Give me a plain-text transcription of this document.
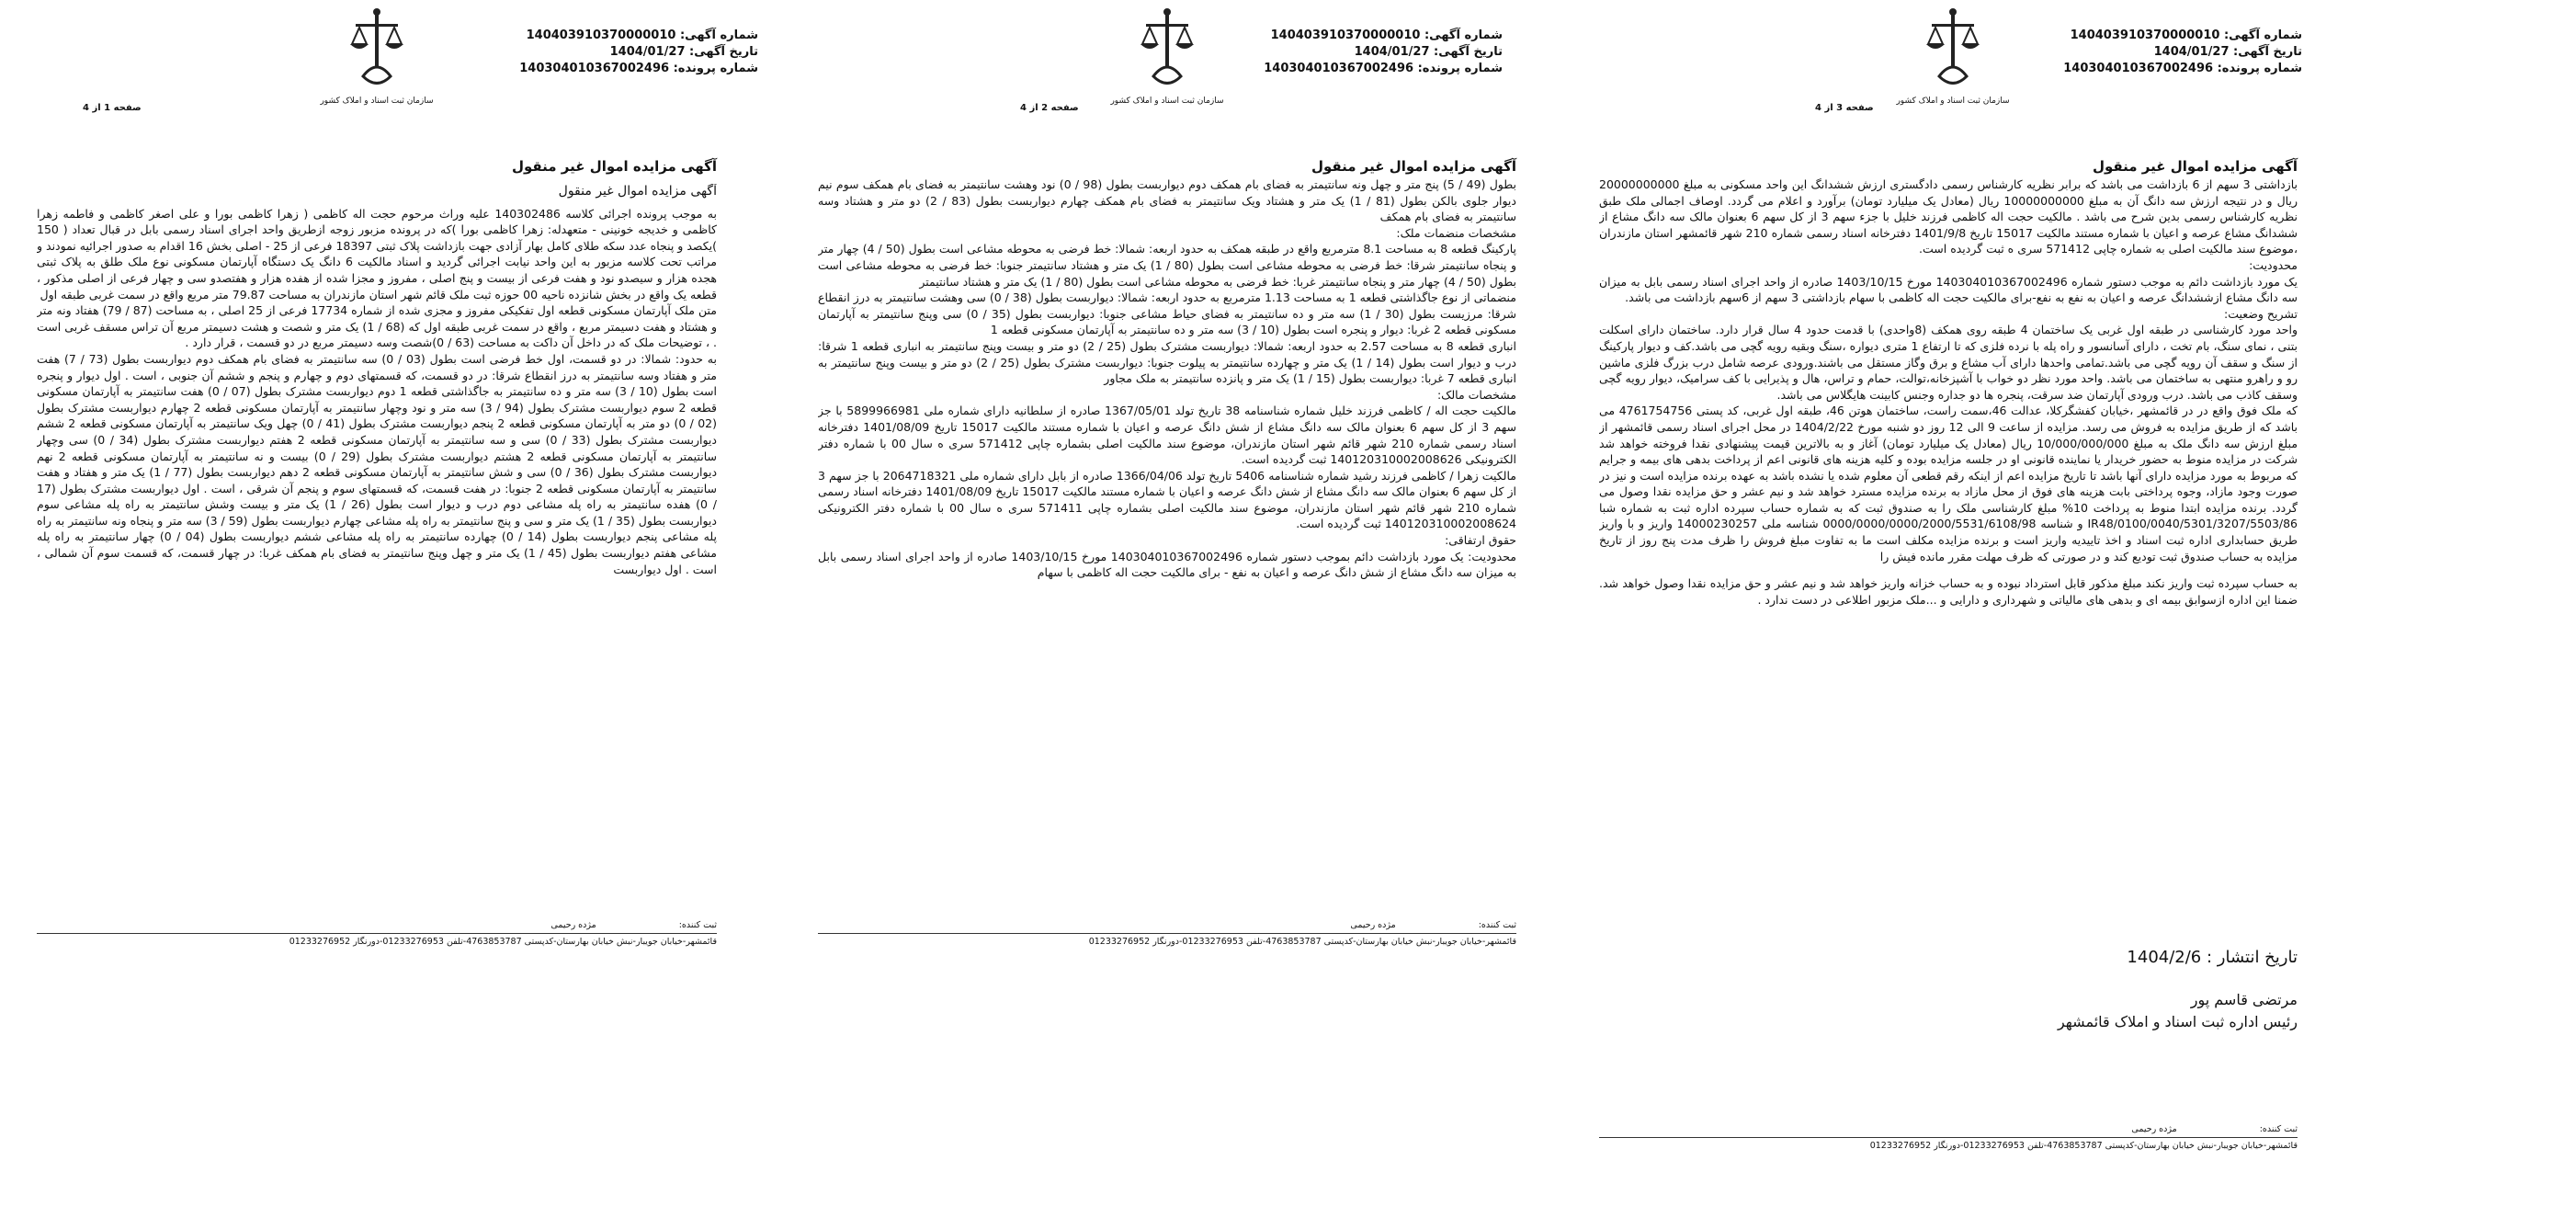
شماره آگهی: 140403910370000010
تاریخ آگهی: 1404/01/27
شماره پرونده: 140304010367002496
سازمان ثبت اسناد و املاک کشور
صفحه 3 از 4
آگهی مزایده اموال غیر منقول

بازداشتی 3 سهم از 6 بازداشت می باشد که برابر نظریه کارشناس رسمی دادگستری ارزش ششدانگ این واحد مسکونی به مبلغ 20000000000 ریال و در نتیجه ارزش سه دانگ آن به مبلغ 10000000000 ریال (معادل یک میلیارد تومان) برآورد و اعلام می گردد. اوصاف اجمالی ملک طبق نظریه کارشناس رسمی بدین شرح می باشد . مالکیت حجت اله کاظمی فرزند خلیل با جزء سهم 3 از کل سهم 6 بعنوان مالک سه دانگ مشاع از ششدانگ مشاع عرصه و اعیان با شماره مستند مالکیت 15017 تاریخ 1401/9/8 دفترخانه اسناد رسمی شماره 210 شهر قائمشهر استان مازندران ،موضوع سند مالکیت اصلی به شماره چاپی 571412 سری ه ثبت گردیده است.

محدودیت:

یک مورد بازداشت دائم به موجب دستور شماره 140304010367002496 مورخ 1403/10/15 صادره از واحد اجرای اسناد رسمی بابل به میزان سه دانگ مشاع ازششدانگ عرصه و اعیان به نفع به نفع-برای مالکیت حجت اله کاظمی با سهام بازداشتی 3 سهم از 6سهم بازداشت می باشد.

تشریح وضعیت:

واحد مورد کارشناسی در طبقه اول غربی یک ساختمان 4 طبقه روی همکف (8واحدی) با قدمت حدود 4 سال قرار دارد. ساختمان دارای اسکلت بتنی ، نمای سنگ، بام تخت ، دارای آسانسور و راه پله با نرده فلزی که تا ارتفاع 1 متری دیواره ،سنگ وبقیه رویه گچی می باشد.کف و دیوار پارکینگ از سنگ و سقف آن رویه گچی می باشد.تمامی واحدها دارای آب مشاع و برق وگاز مستقل می باشند.ورودی عرصه شامل درب بزرگ فلزی ماشین رو و راهرو منتهی به ساختمان می باشد. واحد مورد نظر دو خواب با آشپزخانه،توالت، حمام و تراس، هال و پذیرایی با کف سرامیک، دیوار رویه گچی وسقف کاذب می باشد. درب ورودی آپارتمان ضد سرقت، پنجره ها دو جداره وجنس کابینت هایگلاس می باشد.

که ملک فوق واقع در در قائمشهر ،خیابان کفشگرکلا، عدالت 46،سمت راست، ساختمان هوتن 46، طبقه اول غربی، کد پستی 4761754756 می باشد که از طریق مزایده به فروش می رسد. مزایده از ساعت 9 الی 12 روز دو شنبه مورخ 1404/2/22 در محل اجرای اسناد رسمی قائمشهر از مبلغ ارزش سه دانگ ملک به مبلغ 10/000/000/000 ریال (معادل یک میلیارد تومان) آغاز و به بالاترین قیمت پیشنهادی نقدا فروخته خواهد شد شرکت در مزایده منوط به حضور خریدار یا نماینده قانونی او در جلسه مزایده بوده و کلیه هزینه های قانونی اعم از پرداخت بدهی های بیمه و جرایم که مربوط به مورد مزایده دارای آنها باشد تا تاریخ مزایده اعم از اینکه رقم قطعی آن معلوم شده یا نشده باشد به عهده برنده مزایده است و نیز در صورت وجود مازاد، وجوه پرداختی بابت هزینه های فوق از محل مازاد به برنده مزایده مسترد خواهد شد و نیم عشر و حق مزایده نقدا وصول می گردد. برنده مزایده ابتدا منوط به پرداخت 10% مبلغ کارشناسی ملک را به صندوق ثبت که به شماره حساب سپرده اداره ثبت به شماره شبا IR48/0100/0040/5301/3207/5503/86 و شناسه 0000/0000/0000/2000/5531/6108/98 شناسه ملی 14000230257 واریز و با واریز طریق حسابداری اداره ثبت اسناد و اخذ تاییدیه واریز است و برنده مزایده مکلف است ما به تفاوت مبلغ فروش را ظرف مدت پنج روز از تاریخ مزایده به حساب صندوق ثبت تودیع کند و در صورتی که ظرف مهلت مقرر مانده فیش را

به حساب سپرده ثبت واریز نکند مبلغ مذکور قابل استرداد نبوده و به حساب خزانه واریز خواهد شد و نیم عشر و حق مزایده نقدا وصول خواهد شد. ضمنا این اداره ازسوابق بیمه ای و بدهی های مالیاتی و شهرداری و دارایی و ...ملک مزبور اطلاعی در دست ندارد .

تاریخ انتشار : 1404/2/6
مرتضی قاسم پور
رئیس اداره ثبت اسناد و املاک قائمشهر
ثبت کننده:
مژده رحیمی
قائمشهر-خیابان جویبار-نبش خیابان بهارستان-کدپستی 4763853787-تلفن 01233276953-دورنگار 01233276952
شماره آگهی: 140403910370000010
تاریخ آگهی: 1404/01/27
شماره پرونده: 140304010367002496
سازمان ثبت اسناد و املاک کشور
صفحه 2 از 4
آگهی مزایده اموال غیر منقول

بطول (49 / 5) پنج متر و چهل ونه سانتیمتر به فضای بام همکف دوم دیواربست بطول (98 / 0) نود وهشت سانتیمتر به فضای بام همکف سوم نیم دیوار جلوی بالکن بطول (81 / 1) یک متر و هشتاد ویک سانتیمتر به فضای بام همکف چهارم دیواربست بطول (83 / 2) دو متر و هشتاد وسه سانتیمتر به فضای بام همکف

مشخصات منضمات ملک:

پارکینگ قطعه 8 به مساحت 8.1 مترمربع واقع در طبقه همکف به حدود اربعه: شمالا: خط فرضی به محوطه مشاعی است بطول (50 / 4) چهار متر و پنجاه سانتیمتر شرقا: خط فرضی به محوطه مشاعی است بطول (80 / 1) یک متر و هشتاد سانتیمتر جنوبا: خط فرضی به محوطه مشاعی است بطول (50 / 4) چهار متر و پنجاه سانتیمتر غربا: خط فرضی به محوطه مشاعی است بطول (80 / 1) یک متر و هشتاد سانتیمتر

منضماتی از نوع جاگذاشتی قطعه 1 به مساحت 1.13 مترمربع به حدود اربعه: شمالا: دیواربست بطول (38 / 0) سی وهشت سانتیمتر به درز انقطاع شرقا: مرزیست بطول (30 / 1) سه متر و ده سانتیمتر به فضای حیاط مشاعی جنوبا: دیواربست بطول (35 / 0) سی وپنج سانتیمتر به آپارتمان مسکونی قطعه 2 غربا: دیوار و پنجره است بطول (10 / 3) سه متر و ده سانتیمتر به آپارتمان مسکونی قطعه 1

انباری قطعه 8 به مساحت 2.57 به حدود اربعه: شمالا: دیواربست مشترک بطول (25 / 2) دو متر و بیست وپنج سانتیمتر به انباری قطعه 1 شرقا: درب و دیوار است بطول (14 / 1) یک متر و چهارده سانتیمتر به پیلوت جنوبا: دیواربست مشترک بطول (25 / 2) دو متر و بیست وپنج سانتیمتر به انباری قطعه 7 غربا: دیواربست بطول (15 / 1) یک متر و پانزده سانتیمتر به ملک مجاور

مشخصات مالک:

مالکیت حجت اله / کاظمی فرزند خلیل شماره شناسنامه 38 تاریخ تولد 1367/05/01 صادره از سلطانیه دارای شماره ملی 5899966981 با جز سهم 3 از کل سهم 6 بعنوان مالک سه دانگ مشاع از شش دانگ عرصه و اعیان با شماره مستند مالکیت 15017 تاریخ 1401/08/09 دفترخانه اسناد رسمی شماره 210 شهر قائم شهر استان مازندران، موضوع سند مالکیت اصلی بشماره چاپی 571412 سری ه سال 00 با شماره دفتر الکترونیکی 140120310002008626 ثبت گردیده است.

مالکیت زهرا / کاظمی فرزند رشید شماره شناسنامه 5406 تاریخ تولد 1366/04/06 صادره از بابل دارای شماره ملی 2064718321 با جز سهم 3 از کل سهم 6 بعنوان مالک سه دانگ مشاع از شش دانگ عرصه و اعیان با شماره مستند مالکیت 15017 تاریخ 1401/08/09 دفترخانه اسناد رسمی شماره 210 شهر قائم شهر استان مازندران، موضوع سند مالکیت اصلی بشماره چاپی 571411 سری ه سال 00 با شماره دفتر الکترونیکی 140120310002008624 ثبت گردیده است.

حقوق ارتفاقی:

محدودیت: یک مورد بازداشت دائم بموجب دستور شماره 140304010367002496 مورخ 1403/10/15 صادره از واحد اجرای اسناد رسمی بابل به میزان سه دانگ مشاع از شش دانگ عرصه و اعیان به نفع - برای مالکیت حجت اله کاظمی با سهام

ثبت کننده:
مژده رحیمی
قائمشهر-خیابان جویبار-نبش خیابان بهارستان-کدپستی 4763853787-تلفن 01233276953-دورنگار 01233276952
شماره آگهی: 140403910370000010
تاریخ آگهی: 1404/01/27
شماره پرونده: 140304010367002496
سازمان ثبت اسناد و املاک کشور
صفحه 1 از 4
آگهی مزایده اموال غیر منقول

آگهی مزایده اموال غیر منقول

به موجب پرونده اجرائی کلاسه 140302486 علیه وراث مرحوم حجت اله کاظمی ( زهرا کاظمی بورا و علی اصغر کاظمی و فاطمه زهرا کاظمی و خدیجه خونینی - متعهدله: زهرا کاظمی بورا )که در پرونده مزبور زوجه ازطریق واحد اجرای اسناد رسمی بابل در قبال تعداد ( 150 )یکصد و پنجاه عدد سکه طلای کامل بهار آزادی جهت بازداشت پلاک ثبتی 18397 فرعی از 25 - اصلی بخش 16 اقدام به صدور اجرائیه نمودند و مراتب تحت کلاسه مزبور به این واحد نیابت اجرائی گردید و اسناد مالکیت 6 دانگ یک دستگاه آپارتمان مسکونی نوع ملک طلق به پلاک ثبتی هجده هزار و سیصدو نود و هفت فرعی از بیست و پنج اصلی ، مفروز و مجزا شده از هفده هزار و هفتصدو سی و چهار فرعی از اصلی مذکور ، قطعه یک واقع در بخش شانزده ناحیه 00 حوزه ثبت ملک قائم شهر استان مازندران به مساحت 79.87 متر مربع واقع در سمت غربی طبقه اول

متن ملک آپارتمان مسکونی قطعه اول تفکیکی مفروز و مجزی شده از شماره 17734 فرعی از 25 اصلی ، به مساحت (87 / 79) هفتاد ونه متر و هشتاد و هفت دسیمتر مربع ، واقع در سمت غربی طبقه اول که (68 / 1) یک متر و شصت و هشت دسیمتر مربع آن تراس مسقف غربی است . ، توضیحات ملک که در داخل آن داکت به مساحت (63 / 0)شصت وسه دسیمتر مربع در دو قسمت ، قرار دارد .

به حدود: شمالا: در دو قسمت، اول خط فرضی است بطول (03 / 0) سه سانتیمتر به فضای بام همکف دوم دیواربست بطول (73 / 7) هفت متر و هفتاد وسه سانتیمتر به درز انقطاع شرقا: در دو قسمت، که قسمتهای دوم و چهارم و پنجم و ششم آن جنوبی ، است . اول دیوار و پنجره است بطول (10 / 3) سه متر و ده سانتیمتر به جاگذاشتی قطعه 1 دوم دیواربست مشترک بطول (07 / 0) هفت سانتیمتر به آپارتمان مسکونی قطعه 2 سوم دیواربست مشترک بطول (94 / 3) سه متر و نود وچهار سانتیمتر به آپارتمان مسکونی قطعه 2 چهارم دیواربست مشترک بطول (02 / 0) دو متر به آپارتمان مسکونی قطعه 2 پنجم دیواربست مشترک بطول (41 / 0) چهل ویک سانتیمتر به آپارتمان مسکونی قطعه 2 ششم دیواربست مشترک بطول (33 / 0) سی و سه سانتیمتر به آپارتمان مسکونی قطعه 2 هفتم دیواربست مشترک بطول (34 / 0) سی وچهار سانتیمتر به آپارتمان مسکونی قطعه 2 هشتم دیواربست مشترک بطول (29 / 0) بیست و نه سانتیمتر به آپارتمان مسکونی قطعه 2 نهم دیواربست مشترک بطول (36 / 0) سی و شش سانتیمتر به آپارتمان مسکونی قطعه 2 دهم دیواربست بطول (77 / 1) یک متر و هفتاد و هفت سانتیمتر به آپارتمان مسکونی قطعه 2 جنوبا: در هفت قسمت، که قسمتهای سوم و پنجم آن شرقی ، است . اول دیواربست مشترک بطول (17 / 0) هفده سانتیمتر به راه پله مشاعی دوم درب و دیوار است بطول (26 / 1) یک متر و بیست وشش سانتیمتر به راه پله مشاعی سوم دیواربست بطول (35 / 1) یک متر و سی و پنج سانتیمتر به راه پله مشاعی چهارم دیواربست بطول (59 / 3) سه متر و پنجاه ونه سانتیمتر به راه پله مشاعی پنجم دیواربست بطول (14 / 0) چهارده سانتیمتر به راه پله مشاعی ششم دیواربست بطول (04 / 0) چهار سانتیمتر به راه پله مشاعی هفتم دیواربست بطول (45 / 1) یک متر و چهل وپنج سانتیمتر به فضای بام همکف غربا: در چهار قسمت، که قسمت سوم آن شمالی ، است . اول دیواربست

ثبت کننده:
مژده رحیمی
قائمشهر-خیابان جویبار-نبش خیابان بهارستان-کدپستی 4763853787-تلفن 01233276953-دورنگار 01233276952
